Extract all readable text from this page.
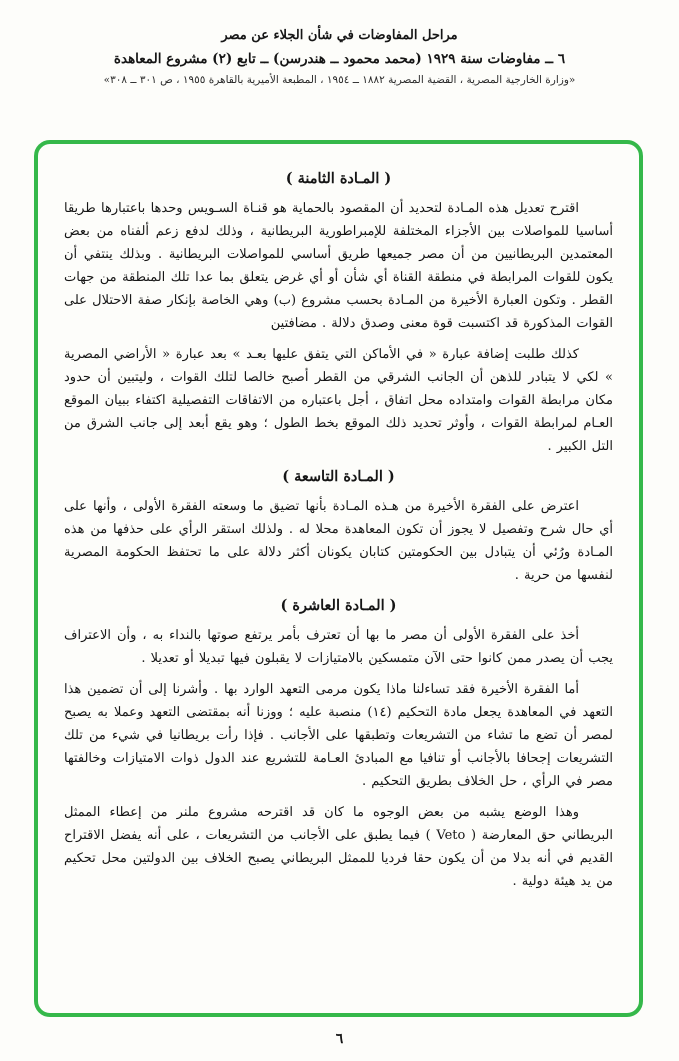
مراحل المفاوضات في شأن الجلاء عن مصر
٦ ــ مفاوضات سنة ١٩٢٩ (محمد محمود ــ هندرسن) ــ تابع (٢) مشروع المعاهدة
«وزارة الخارجية المصرية ، القضية المصرية ١٨٨٢ ــ ١٩٥٤ ، المطبعة الأميرية بالقاهرة ١٩٥٥ ، ص ٣٠١ ــ ٣٠٨»
( المـادة الثامنة )

اقترح تعديل هذه المـادة لتحديد أن المقصود بالحماية هو قنـاة السـويس وحدها باعتبارها طريقا أساسيا للمواصلات بين الأجزاء المختلفة للإمبراطورية البريطانية ، وذلك لدفع زعم ألفناه من بعض المعتمدين البريطانيين من أن مصر جميعها طريق أساسي للمواصلات البريطانية . وبذلك ينتفي أن يكون للقوات المرابطة في منطقة القناة أي شأن أو أي غرض يتعلق بما عدا تلك المنطقة من جهات القطر . وتكون العبارة الأخيرة من المـادة بحسب مشروع (ب) وهي الخاصة بإنكار صفة الاحتلال على القوات المذكورة قد اكتسبت قوة معنى وصدق دلالة . مضافتين

كذلك طلبت إضافة عبارة « في الأماكن التي يتفق عليها بعـد » بعد عبارة « الأراضي المصرية » لكي لا يتبادر للذهن أن الجانب الشرقي من القطر أصبح خالصا لتلك القوات ، وليتبين أن حدود مكان مرابطة القوات وامتداده محل اتفاق ، أجل باعتباره من الاتفاقات التفصيلية اكتفاء ببيان الموقع العـام لمرابطة القوات ، وأوثر تحديد ذلك الموقع بخط الطول ؛ وهو يقع أبعد إلى جانب الشرق من التل الكبير .

( المـادة التاسعة )

اعترض على الفقرة الأخيرة من هـذه المـادة بأنها تضيق ما وسعته الفقرة الأولى ، وأنها على أي حال شرح وتفصيل لا يجوز أن تكون المعاهدة محلا له . ولذلك استقر الرأي على حذفها من هذه المـادة ورُئي أن يتبادل بين الحكومتين كتابان يكونان أكثر دلالة على ما تحتفظ الحكومة المصرية لنفسها من حرية .

( المـادة العاشرة )

أخذ على الفقرة الأولى أن مصر ما بها أن تعترف بأمر يرتفع صوتها بالنداء به ، وأن الاعتراف يجب أن يصدر ممن كانوا حتى الآن متمسكين بالامتيازات لا يقبلون فيها تبديلا أو تعديلا .

أما الفقرة الأخيرة فقد تساءلنا ماذا يكون مرمى التعهد الوارد بها . وأشرنا إلى أن تضمين هذا التعهد في المعاهدة يجعل مادة التحكيم (١٤) منصبة عليه ؛ ووزنا أنه بمقتضى التعهد وعملا به يصبح لمصر أن تضع ما تشاء من التشريعات وتطبقها على الأجانب . فإذا رأت بريطانيا في شيء من تلك التشريعات إجحافا بالأجانب أو تنافيا مع المبادئ العـامة للتشريع عند الدول ذوات الامتيازات وخالفتها مصر في الرأي ، حل الخلاف بطريق التحكيم .

وهذا الوضع يشبه من بعض الوجوه ما كان قد اقترحه مشروع ملنر من إعطاء الممثل البريطاني حق المعارضة ( Veto ) فيما يطبق على الأجانب من التشريعات ، على أنه يفضل الاقتراح القديم في أنه بدلا من أن يكون حقا فرديا للممثل البريطاني يصبح الخلاف بين الدولتين محل تحكيم من يد هيئة دولية .

٦
